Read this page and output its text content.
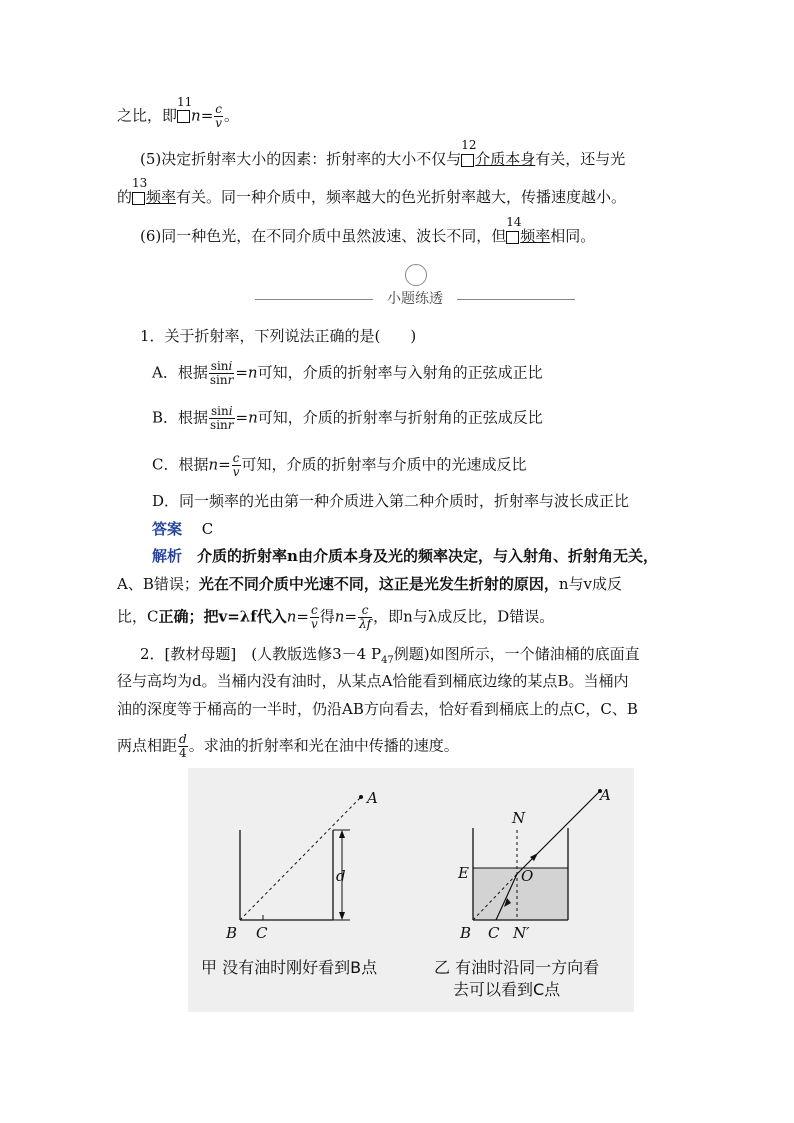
之比，即
11
$n= \frac{c}{v}$ 。
(5)决定折射率大小的因素：折射率的大小不仅与
12
介质本身有关，还与光
的
13
频率有关。同一种介质中，频率越大的色光折射率越大，传播速度越小。
(6)同一种色光，在不同介质中虽然波速、波长不同，但
14
频率相同。
小题练透
1．关于折射率，下列说法正确的是(　　)
A．根据 $\frac{\sin i}{\sin r} =n$可知，介质的折射率与入射角的正弦成正比
B．根据 $\frac{\sin i}{\sin r} =n$可知，介质的折射率与折射角的正弦成反比
C．根据$n= \frac{c}{v}$ 可知，介质的折射率与介质中的光速成反比
D．同一频率的光由第一种介质进入第二种介质时，折射率与波长成正比
答案　 C
解析　 介质的折射率n由介质本身及光的频率决定，与入射角、折射角无关，
A、B错误；光在不同介质中光速不同，这正是光发生折射的原因，n与v成反
比，C正确；把v=λf代入$n= \frac{c}{v}$ 得$n= \frac{c}{\lambda f}$ ，即n与λ成反比，D错误。
2．[教材母题]　(人教版选修3－4 $P_{47}$例题)如图所示，一个储油桶的底面直
径与高均为d。当桶内没有油时，从某点A恰能看到桶底边缘的某点B。当桶内
油的深度等于桶高的一半时，仍沿AB方向看去，恰好看到桶底上的点C，C、B
两点相距 $\frac{d}{4}$ 。求油的折射率和光在油中传播的速度。
A
B C
d
A
N
E	O
B C N′
甲 没有油时刚好看到B点	乙 有油时沿同一方向看
去可以看到C点
